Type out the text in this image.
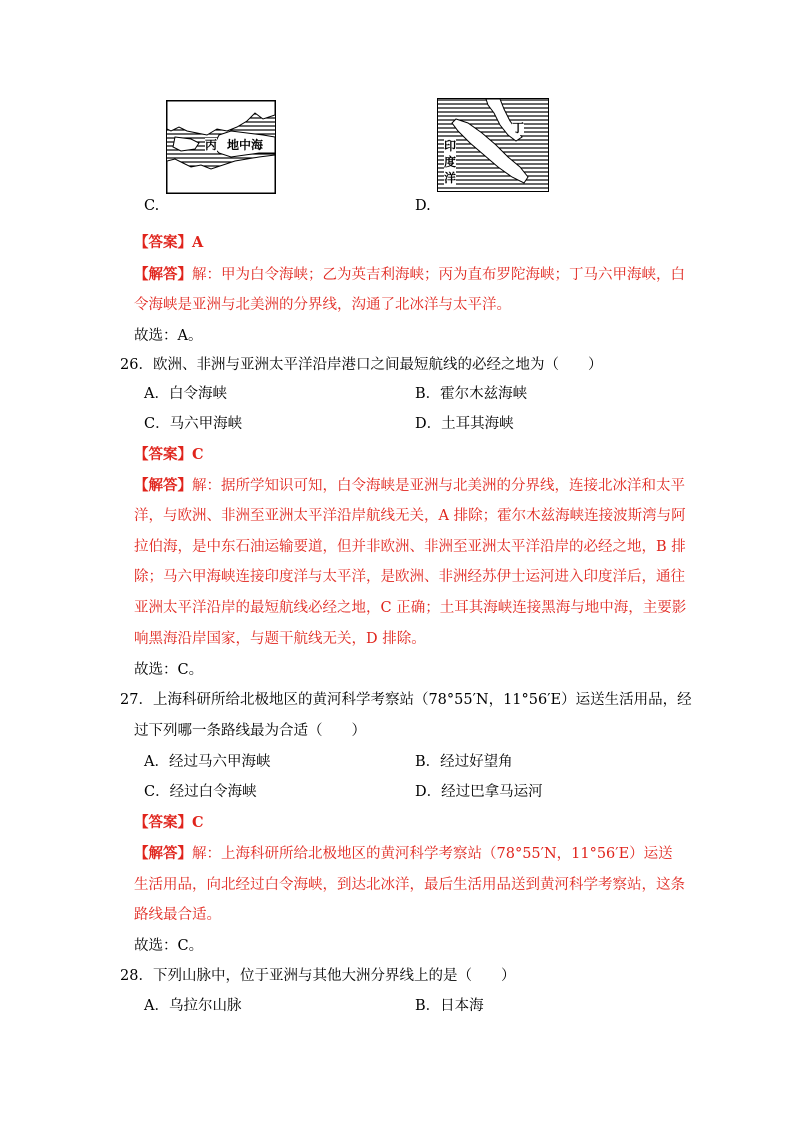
丙 地中海
丁
印
度
洋
C.	D.
【答案】A
【解答】解：甲为白令海峡；乙为英吉利海峡；丙为直布罗陀海峡；丁马六甲海峡，白
令海峡是亚洲与北美洲的分界线，沟通了北冰洋与太平洋。
故选：A。
26．欧洲、非洲与亚洲太平洋沿岸港口之间最短航线的必经之地为（　　）
A．白令海峡	B．霍尔木兹海峡
C．马六甲海峡	D．土耳其海峡
【答案】C
【解答】解：据所学知识可知，白令海峡是亚洲与北美洲的分界线，连接北冰洋和太平
洋，与欧洲、非洲至亚洲太平洋沿岸航线无关，A 排除；霍尔木兹海峡连接波斯湾与阿
拉伯海，是中东石油运输要道，但并非欧洲、非洲至亚洲太平洋沿岸的必经之地，B 排
除；马六甲海峡连接印度洋与太平洋，是欧洲、非洲经苏伊士运河进入印度洋后，通往
亚洲太平洋沿岸的最短航线必经之地，C 正确；土耳其海峡连接黑海与地中海，主要影
响黑海沿岸国家，与题干航线无关，D 排除。
故选：C。
27．上海科研所给北极地区的黄河科学考察站（78°55′N，11°56′E）运送生活用品，经
过下列哪一条路线最为合适（　　）
A．经过马六甲海峡	B．经过好望角
C．经过白令海峡	D．经过巴拿马运河
【答案】C
【解答】解：上海科研所给北极地区的黄河科学考察站（78°55′N，11°56′E）运送
生活用品，向北经过白令海峡，到达北冰洋，最后生活用品送到黄河科学考察站，这条
路线最合适。
故选：C。
28．下列山脉中，位于亚洲与其他大洲分界线上的是（　　）
A．乌拉尔山脉	B．日本海
